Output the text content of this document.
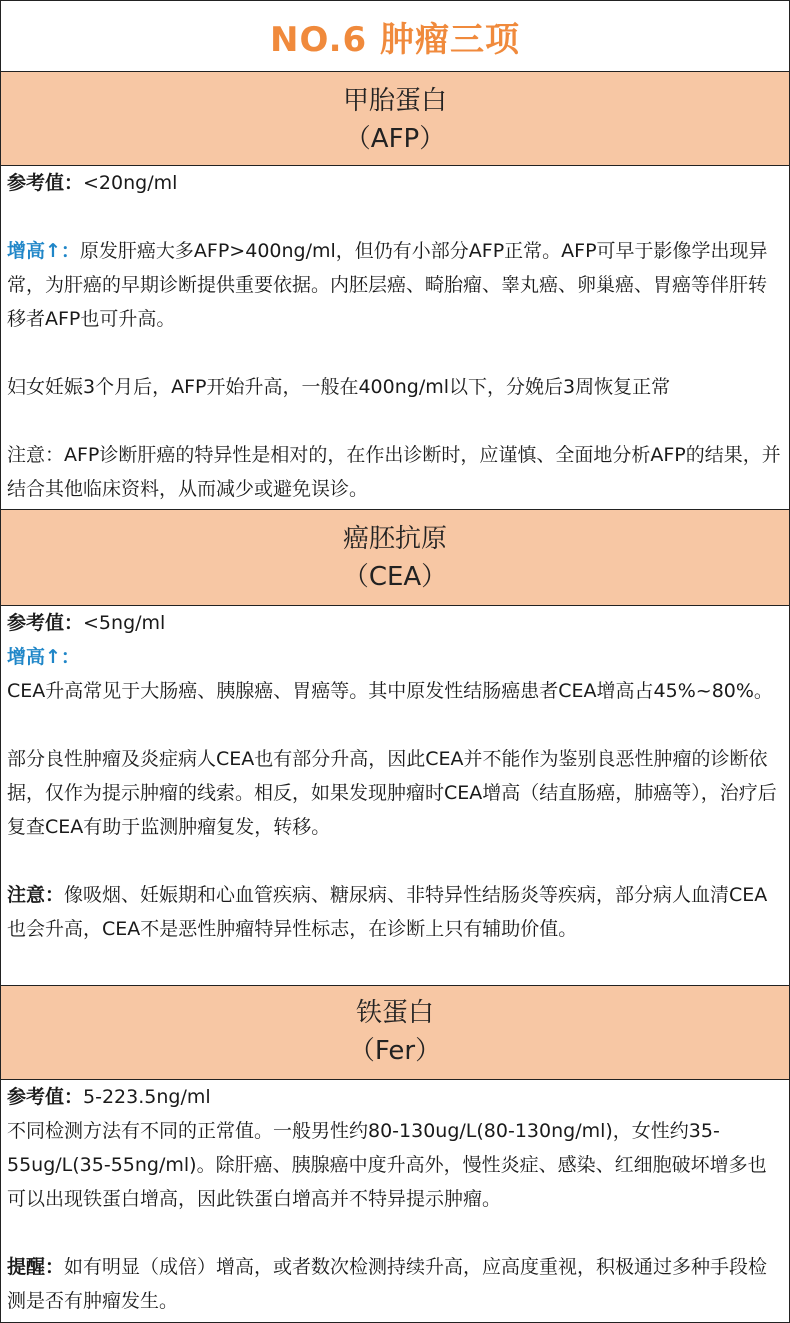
NO.6 肿瘤三项
甲胎蛋白
（AFP）

参考值：<20ng/ml

增高↑：原发肝癌大多AFP>400ng/ml，但仍有小部分AFP正常。AFP可早于影像学出现异常，为肝癌的早期诊断提供重要依据。内胚层癌、畸胎瘤、睾丸癌、卵巢癌、胃癌等伴肝转移者AFP也可升高。

妇女妊娠3个月后，AFP开始升高，一般在400ng/ml以下，分娩后3周恢复正常

注意：AFP诊断肝癌的特异性是相对的，在作出诊断时，应谨慎、全面地分析AFP的结果，并结合其他临床资料，从而减少或避免误诊。

癌胚抗原
（CEA）

参考值：<5ng/ml

增高↑：

CEA升高常见于大肠癌、胰腺癌、胃癌等。其中原发性结肠癌患者CEA增高占45%~80%。

部分良性肿瘤及炎症病人CEA也有部分升高，因此CEA并不能作为鉴别良恶性肿瘤的诊断依据，仅作为提示肿瘤的线索。相反，如果发现肿瘤时CEA增高（结直肠癌，肺癌等），治疗后复查CEA有助于监测肿瘤复发，转移。

注意：像吸烟、妊娠期和心血管疾病、糖尿病、非特异性结肠炎等疾病，部分病人血清CEA也会升高，CEA不是恶性肿瘤特异性标志，在诊断上只有辅助价值。

铁蛋白
（Fer）

参考值：5-223.5ng/ml

不同检测方法有不同的正常值。一般男性约80-130ug/L(80-130ng/ml)，女性约35-55ug/L(35-55ng/ml)。除肝癌、胰腺癌中度升高外，慢性炎症、感染、红细胞破坏增多也可以出现铁蛋白增高，因此铁蛋白增高并不特异提示肿瘤。

提醒：如有明显（成倍）增高，或者数次检测持续升高，应高度重视，积极通过多种手段检测是否有肿瘤发生。
